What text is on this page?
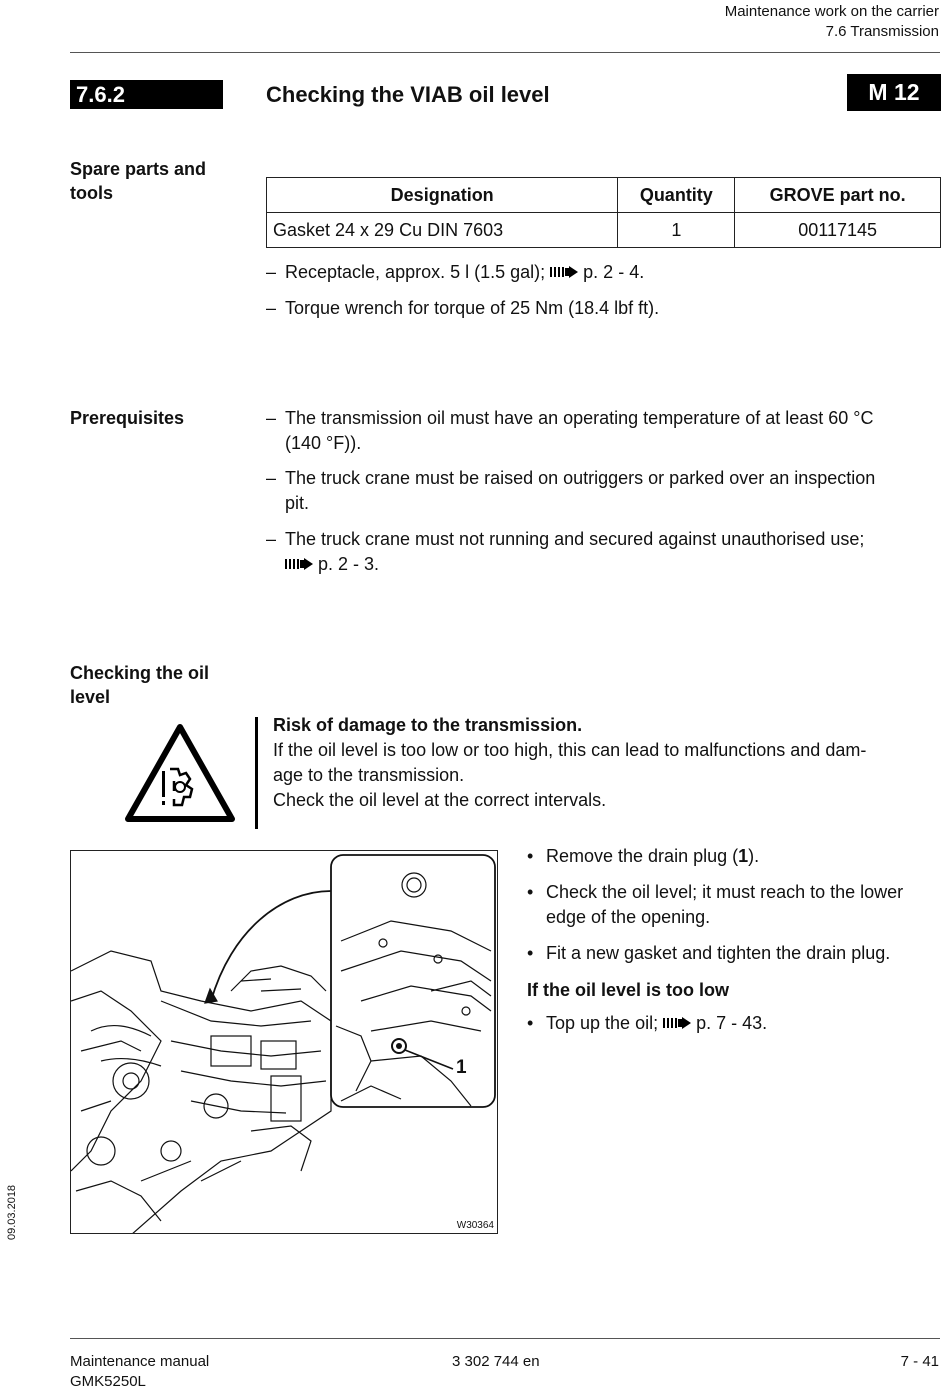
Maintenance work on the carrier
7.6 Transmission
7.6.2	Checking the VIAB oil level	M 12
Spare parts and
tools	Designation	Quantity	GROVE part no.
Gasket 24 x 29 Cu DIN 7603	1	00117145
– Receptacle, approx. 5 l (1.5 gal); p. 2 - 4.
– Torque wrench for torque of 25 Nm (18.4 lbf ft).
Prerequisites	– The transmission oil must have an operating temperature of at least 60 °C
(140 °F)).
– The truck crane must be raised on outriggers or parked over an inspection
pit.
– The truck crane must not running and secured against unauthorised use;
p. 2 - 3.
Checking the oil
level
Risk of damage to the transmission.
If the oil level is too low or too high, this can lead to malfunctions and dam-
age to the transmission.
Check the oil level at the correct intervals.
1
W30364
• Remove the drain plug (1).
• Check the oil level; it must reach to the lower
edge of the opening.
• Fit a new gasket and tighten the drain plug.
If the oil level is too low
• Top up the oil; p. 7 - 43.
09.03.2018
Maintenance manual
GMK5250L
3 302 744 en	7 - 41
